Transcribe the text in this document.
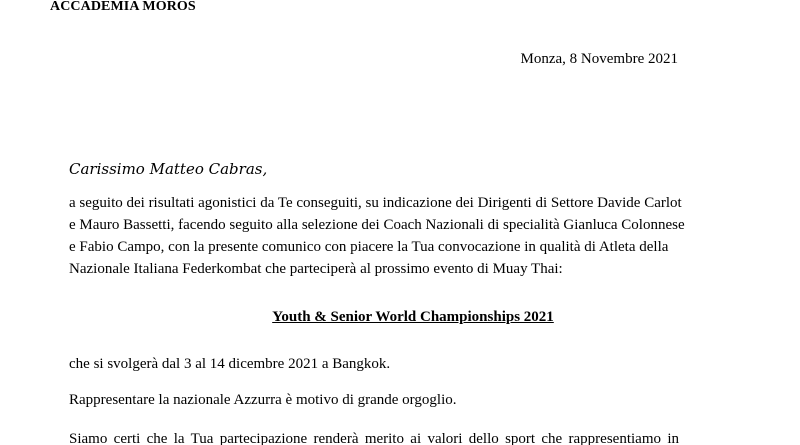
ACCADEMIA MOROS
Monza, 8 Novembre 2021
Carissimo Matteo Cabras,
a seguito dei risultati agonistici da Te conseguiti, su indicazione dei Dirigenti di Settore Davide Carlot
e Mauro Bassetti, facendo seguito alla selezione dei Coach Nazionali di specialità Gianluca Colonnese
e Fabio Campo, con la presente comunico con piacere la Tua convocazione in qualità di Atleta della
Nazionale Italiana Federkombat che parteciperà al prossimo evento di Muay Thai:
Youth & Senior World Championships 2021
che si svolgerà dal 3 al 14 dicembre 2021 a Bangkok.
Rappresentare la nazionale Azzurra è motivo di grande orgoglio.
Siamo certi che la Tua partecipazione renderà merito ai valori dello sport che rappresentiamo in
